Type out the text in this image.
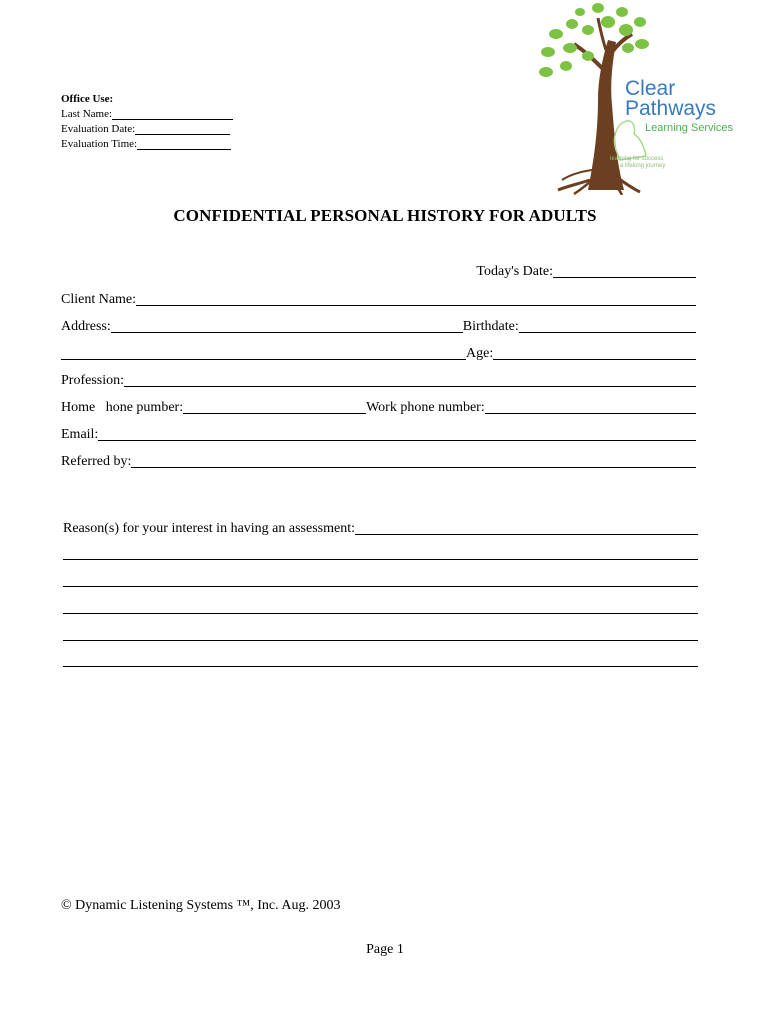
Office Use:
Last Name:
Evaluation Date:
Evaluation Time:
Clear
Pathways
Learning Services
learning for success
a lifelong journey
CONFIDENTIAL PERSONAL HISTORY FOR ADULTS
Today's Date:
Client Name:
Address:	Birthdate:
Age:
Profession:
Home   hone pumber:	Work phone number:
Email:
Referred by:
Reason(s) for your interest in having an assessment:
© Dynamic Listening Systems ™, Inc. Aug. 2003
Page 1
